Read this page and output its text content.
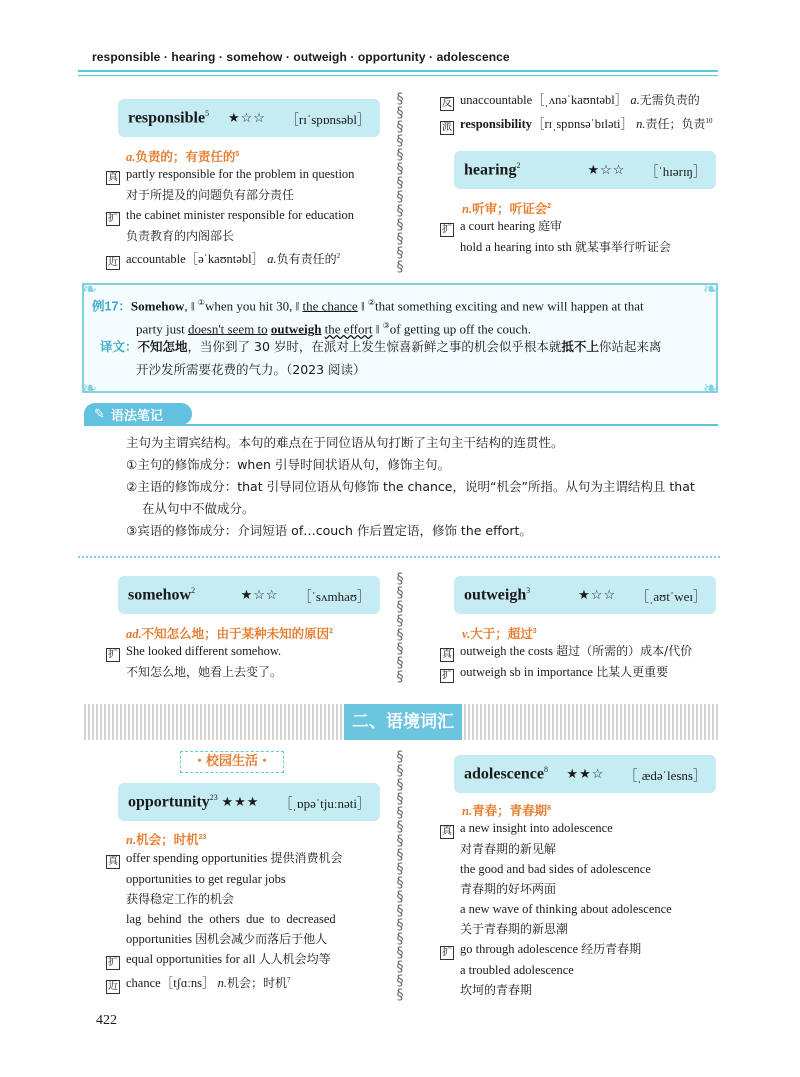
responsible · hearing · somehow · outweigh · opportunity · adolescence
responsible$^5$ ★☆☆ ［rɪˈspɒnsəbl］
a.负责的；有责任的$^5$
真 partly responsible for the problem in question
对于所提及的问题负有部分责任
扩 the cabinet minister responsible for education
负责教育的内阁部长
近 accountable［əˈkaʊntəbl］ a.负有责任的$^2$
§
§
§
§
§
§
§
§
§
§
§
§
§
反 unaccountable［ˌʌnəˈkaʊntəbl］ a.无需负责的
派 responsibility［rɪˌspɒnsəˈbɪləti］ n.责任；负责$^{10}$
hearing$^2$	★☆☆ ［ˈhɪərɪŋ］
n.听审；听证会$^2$
扩 a court hearing 庭审
hold a hearing into sth 就某事举行听证会
❧	❧
❧	❧
例17：Somehow, ‖ ①when you hit 30, ‖ the chance ‖ ②that something exciting and new will happen at that
party just doesn't seem to outweigh the effort ‖ ③of getting up off the couch.
译文：不知怎地，当你到了 30 岁时，在派对上发生惊喜新鲜之事的机会似乎根本就抵不上你站起来离
开沙发所需要花费的气力。（2023 阅读）
✎ 语法笔记
主句为主谓宾结构。本句的难点在于同位语从句打断了主句主干结构的连贯性。
①主句的修饰成分：when 引导时间状语从句，修饰主句。
②主语的修饰成分：that 引导同位语从句修饰 the chance，说明“机会”所指。从句为主谓结构且 that
在从句中不做成分。
③宾语的修饰成分：介词短语 of…couch 作后置定语，修饰 the effort。
somehow$^2$	★☆☆ ［ˈsʌmhaʊ］
ad.不知怎么地；由于某种未知的原因$^2$
扩 She looked different somehow.
不知怎么地，她看上去变了。
§
§
§
§
§
§
§
§
outweigh$^3$	★☆☆ ［ˌaʊtˈweɪ］
v.大于；超过$^3$
真 outweigh the costs 超过（所需的）成本/代价
扩 outweigh sb in importance 比某人更重要
二、语境词汇
・校园生活・
opportunity$^{23}$ ★★★ ［ˌɒpəˈtjuːnəti］
n.机会；时机$^{23}$
真 offer spending opportunities 提供消费机会
opportunities to get regular jobs
获得稳定工作的机会
lag  behind  the  others  due  to  decreased
opportunities 因机会减少而落后于他人
扩 equal opportunities for all 人人机会均等
近 chance［tʃɑːns］ n.机会；时机$^7$
§
§
§
§
§
§
§
§
§
§
§
§
§
§
§
§
§
§
adolescence$^8$ ★★☆ ［ˌædəˈlesns］
n.青春；青春期$^8$
真 a new insight into adolescence
对青春期的新见解
the good and bad sides of adolescence
青春期的好坏两面
a new wave of thinking about adolescence
关于青春期的新思潮
扩 go through adolescence 经历青春期
a troubled adolescence
坎坷的青春期
422
